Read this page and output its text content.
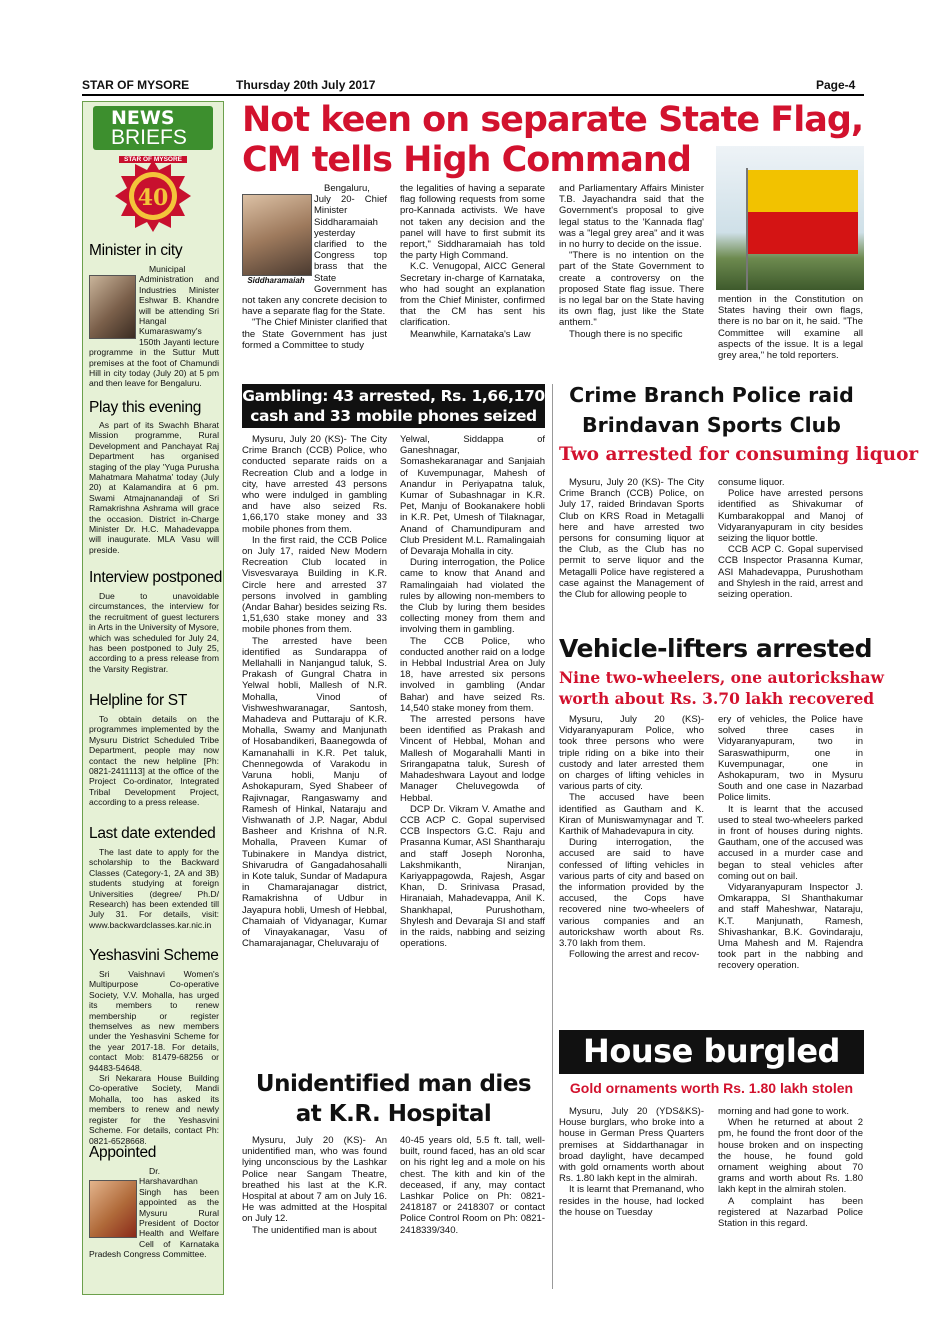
STAR OF MYSORE	Thursday 20th July 2017	Page-4
NEWS
BRIEFS
40
STAR OF MYSORE
Minister in city

Municipal Administration and Industries Minister Eshwar B. Khandre will be attending Sri Hangal Kumaraswamy's 150th Jayanti lecture programme in the Suttur Mutt premises at the foot of Chamundi Hill in city today (July 20) at 5 pm and then leave for Bengaluru.

Play this evening

As part of its Swachh Bharat Mission programme, Rural Development and Panchayat Raj Department has organised staging of the play 'Yuga Purusha Mahatmara Mahatma' today (July 20) at Kalamandira at 6 pm. Swami Atmajnanandaji of Sri Ramakrishna Ashrama will grace the occasion. District in-Charge Minister Dr. H.C. Mahadevappa will inaugurate. MLA Vasu will preside.

Interview postponed

Due to unavoidable circumstances, the interview for the recruitment of guest lecturers in Arts in the University of Mysore, which was scheduled for July 24, has been postponed to July 25, according to a press release from the Varsity Registrar.

Helpline for ST

To obtain details on the programmes implemented by the Mysuru District Scheduled Tribe Department, people may now contact the new helpline [Ph: 0821-2411113] at the office of the Project Co-ordinator, Integrated Tribal Development Project, according to a press release.

Last date extended

The last date to apply for the scholarship to the Backward Classes (Category-1, 2A and 3B) students studying at foreign Universities (degree/ Ph.D/ Research) has been extended till July 31. For details, visit: www.backwardclasses.kar.nic.in

Yeshasvini Scheme

Sri Vaishnavi Women's Multipurpose Co-operative Society, V.V. Mohalla, has urged its members to renew membership or register themselves as new members under the Yeshasvini Scheme for the year 2017-18. For details, contact Mob: 81479-68256 or 94483-54648.

Sri Nekarara House Building Co-operative Society, Mandi Mohalla, too has asked its members to renew and newly register for the Yeshasvini Scheme. For details, contact Ph: 0821-6528668.

Appointed

Dr. Harshavardhan Singh has been appointed as the Mysuru Rural President of Doctor Health and Welfare Cell of Karnataka Pradesh Congress Committee.

Not keen on separate State Flag,
CM tells High Command
Siddharamaiah

Bengaluru, July 20- Chief Minister Siddharamaiah yesterday clarified to the Congress top brass that the State Government has not taken any concrete decision to have a separate flag for the State.

"The Chief Minister clarified that the State Government has just formed a Committee to study

the legalities of having a separate flag following requests from some pro-Kannada activists. We have not taken any decision and the panel will have to first submit its report," Siddharamaiah has told the party High Command.

K.C. Venugopal, AICC General Secretary in-charge of Karnataka, who had sought an explanation from the Chief Minister, confirmed that the CM has sent his clarification.

Meanwhile, Karnataka's Law

and Parliamentary Affairs Minister T.B. Jayachandra said that the Government's proposal to give legal status to the 'Kannada flag' was a "legal grey area" and it was in no hurry to decide on the issue.

"There is no intention on the part of the State Government to create a controversy on the proposed State flag issue. There is no legal bar on the State having its own flag, just like the State anthem."

Though there is no specific

mention in the Constitution on States having their own flags, there is no bar on it, he said. "The Committee will examine all aspects of the issue. It is a legal grey area," he told reporters.

Gambling: 43 arrested, Rs. 1,66,170
cash and 33 mobile phones seized

Mysuru, July 20 (KS)- The City Crime Branch (CCB) Police, who conducted separate raids on a Recreation Club and a lodge in city, have arrested 43 persons who were indulged in gambling and have also seized Rs. 1,66,170 stake money and 33 mobile phones from them.

In the first raid, the CCB Police on July 17, raided New Modern Recreation Club located in Visvesvaraya Building in K.R. Circle here and arrested 37 persons involved in gambling (Andar Bahar) besides seizing Rs. 1,51,630 stake money and 33 mobile phones from them.

The arrested have been identified as Sundarappa of Mellahalli in Nanjangud taluk, S. Prakash of Gungral Chatra in Yelwal hobli, Mallesh of N.R. Mohalla, Vinod of Vishweshwaranagar, Santosh, Mahadeva and Puttaraju of K.R. Mohalla, Swamy and Manjunath of Hosabandikeri, Baanegowda of Kamanahalli in K.R. Pet taluk, Chennegowda of Varakodu in Varuna hobli, Manju of Ashokapuram, Syed Shabeer of Rajivnagar, Rangaswamy and Ramesh of Hinkal, Nataraju and Vishwanath of J.P. Nagar, Abdul Basheer and Krishna of N.R. Mohalla, Praveen Kumar of Tubinakere in Mandya district, Shivarudra of Gangadahosahalli in Kote taluk, Sundar of Madapura in Chamarajanagar district, Ramakrishna of Udbur in Jayapura hobli, Umesh of Hebbal, Chamaiah of Vidyanagar, Kumar of Vinayakanagar, Vasu of Chamarajanagar, Cheluvaraju of

Yelwal, Siddappa of Ganeshnagar, Somashekaranagar and Sanjaiah of Kuvempunagar, Mahesh of Anandur in Periyapatna taluk, Kumar of Subashnagar in K.R. Pet, Manju of Bookanakere hobli in K.R. Pet, Umesh of Tilaknagar, Anand of Chamundipuram and Club President M.L. Ramalingaiah of Devaraja Mohalla in city.

During interrogation, the Police came to know that Anand and Ramalingaiah had violated the rules by allowing non-members to the Club by luring them besides collecting money from them and involving them in gambling.

The CCB Police, who conducted another raid on a lodge in Hebbal Industrial Area on July 18, have arrested six persons involved in gambling (Andar Bahar) and have seized Rs. 14,540 stake money from them.

The arrested persons have been identified as Prakash and Vincent of Hebbal, Mohan and Mallesh of Mogarahalli Manti in Srirangapatna taluk, Suresh of Mahadeshwara Layout and lodge Manager Cheluvegowda of Hebbal.

DCP Dr. Vikram V. Amathe and CCB ACP C. Gopal supervised CCB Inspectors G.C. Raju and Prasanna Kumar, ASI Shantharaju and staff Joseph Noronha, Lakshmikanth, Niranjan, Kariyappagowda, Rajesh, Asgar Khan, D. Srinivasa Prasad, Hiranaiah, Mahadevappa, Anil K. Shankhapal, Purushotham, Shylesh and Devaraja SI and staff in the raids, nabbing and seizing operations.

Crime Branch Police raid
Brindavan Sports Club
Two arrested for consuming liquor

Mysuru, July 20 (KS)- The City Crime Branch (CCB) Police, on July 17, raided Brindavan Sports Club on KRS Road in Metagalli here and have arrested two persons for consuming liquor at the Club, as the Club has no permit to serve liquor and the Metagalli Police have registered a case against the Management of the Club for allowing people to

consume liquor.

Police have arrested persons identified as Shivakumar of Kumbarakoppal and Manoj of Vidyaranyapuram in city besides seizing the liquor bottle.

CCB ACP C. Gopal supervised CCB Inspector Prasanna Kumar, ASI Mahadevappa, Purushotham and Shylesh in the raid, arrest and seizing operation.

Vehicle-lifters arrested
Nine two-wheelers, one autorickshaw
worth about Rs. 3.70 lakh recovered

Mysuru, July 20 (KS)- Vidyaranyapuram Police, who took three persons who were triple riding on a bike into their custody and later arrested them on charges of lifting vehicles in various parts of city.

The accused have been identified as Gautham and K. Kiran of Muniswamynagar and T. Karthik of Mahadevapura in city.

During interrogation, the accused are said to have confessed of lifting vehicles in various parts of city and based on the information provided by the accused, the Cops have recovered nine two-wheelers of various companies and an autorickshaw worth about Rs. 3.70 lakh from them.

Following the arrest and recov-

ery of vehicles, the Police have solved three cases in Vidyaranyapuram, two in Saraswathipurm, one in Kuvempunagar, one in Ashokapuram, two in Mysuru South and one case in Nazarbad Police limits.

It is learnt that the accused used to steal two-wheelers parked in front of houses during nights. Gautham, one of the accused was accused in a murder case and began to steal vehicles after coming out on bail.

Vidyaranyapuram Inspector J. Omkarappa, SI Shanthakumar and staff Maheshwar, Nataraju, K.T. Manjunath, Ramesh, Shivashankar, B.K. Govindaraju, Uma Mahesh and M. Rajendra took part in the nabbing and recovery operation.

Unidentified man dies
at K.R. Hospital

Mysuru, July 20 (KS)- An unidentified man, who was found lying unconscious by the Lashkar Police near Sangam Theatre, breathed his last at the K.R. Hospital at about 7 am on July 16. He was admitted at the Hospital on July 12.

The unidentified man is about

40-45 years old, 5.5 ft. tall, well-built, round faced, has an old scar on his right leg and a mole on his chest. The kith and kin of the deceased, if any, may contact Lashkar Police on Ph: 0821-2418187 or 2418307 or contact Police Control Room on Ph: 0821-2418339/340.

House burgled
Gold ornaments worth Rs. 1.80 lakh stolen

Mysuru, July 20 (YDS&KS)- House burglars, who broke into a house in German Press Quarters premises at Siddarthanagar in broad daylight, have decamped with gold ornaments worth about Rs. 1.80 lakh kept in the almirah.

It is learnt that Premanand, who resides in the house, had locked the house on Tuesday

morning and had gone to work.

When he returned at about 2 pm, he found the front door of the house broken and on inspecting the house, he found gold ornament weighing about 70 grams and worth about Rs. 1.80 lakh kept in the almirah stolen.

A complaint has been registered at Nazarbad Police Station in this regard.
